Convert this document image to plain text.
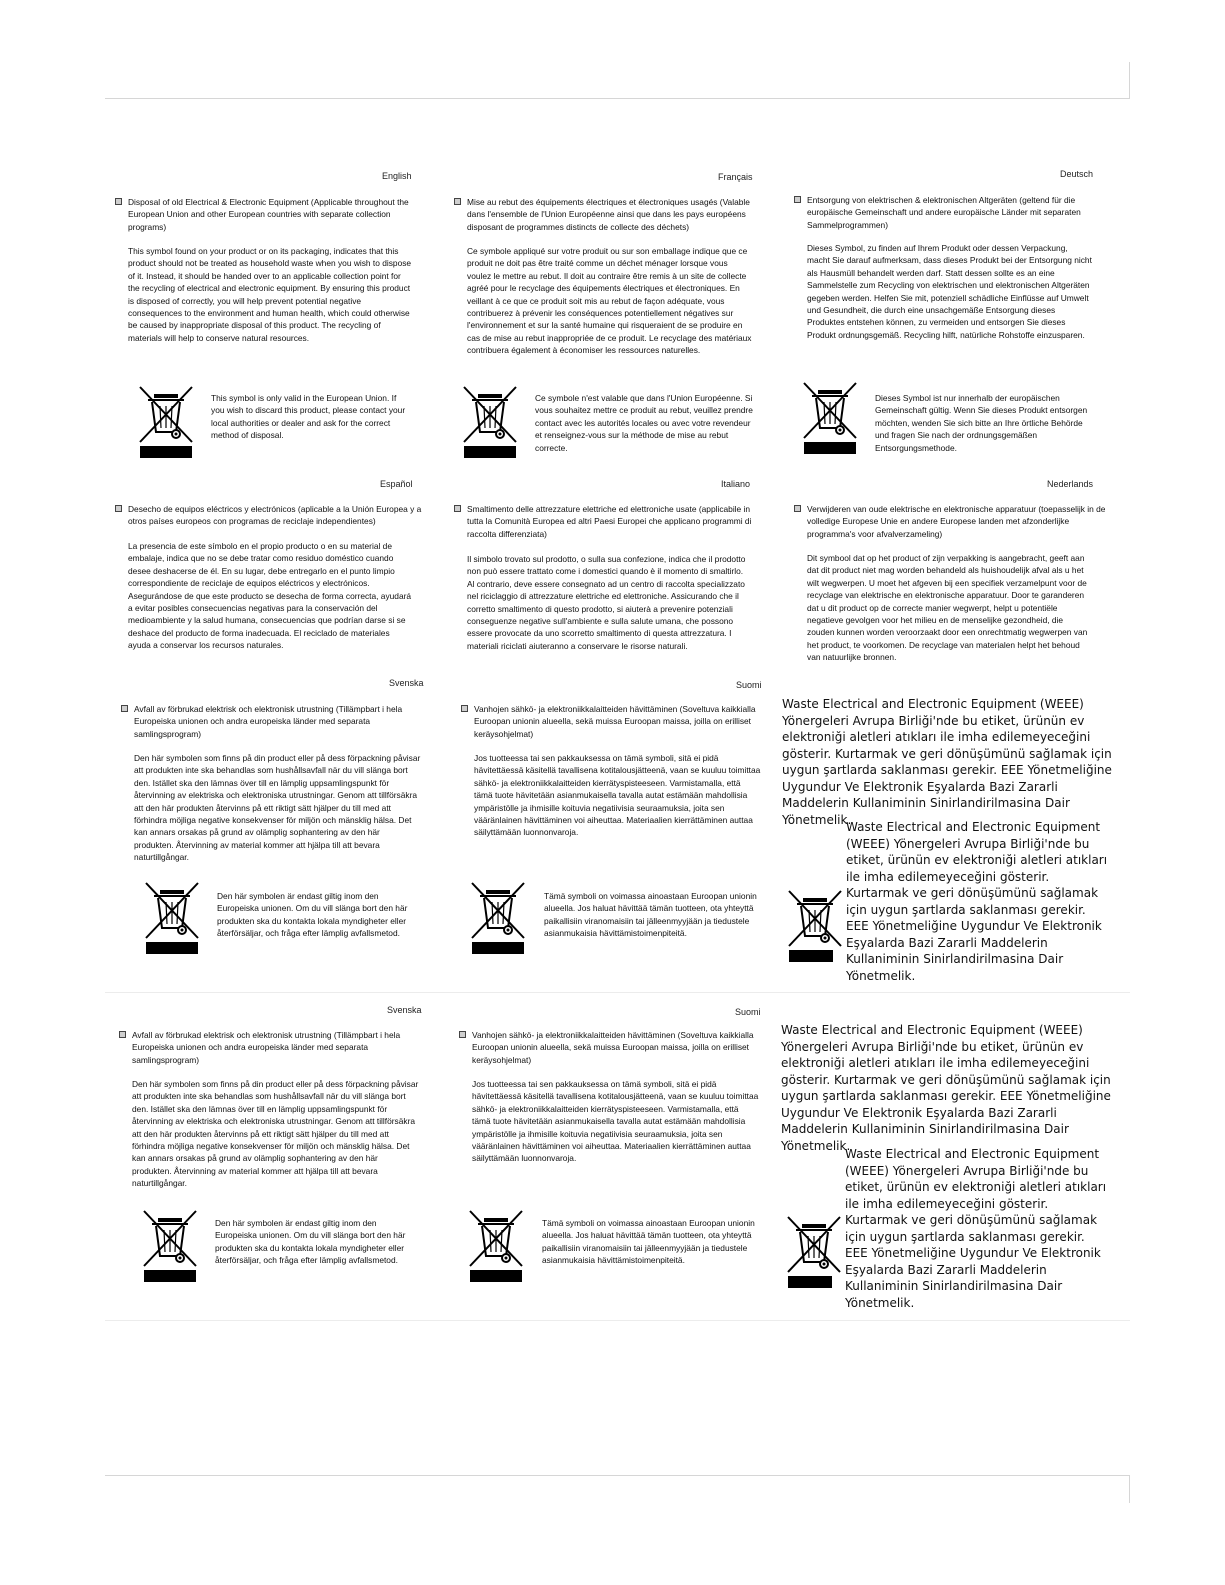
English
Disposal of old Electrical & Electronic Equipment (Applicable throughout the European Union and other European countries with separate collection programs)
This symbol found on your product or on its packaging, indicates that this product should not be treated as household waste when you wish to dispose of it. Instead, it should be handed over to an applicable collection point for the recycling of electrical and electronic equipment. By ensuring this product is disposed of correctly, you will help prevent potential negative consequences to the environment and human health, which could otherwise be caused by inappropriate disposal of this product. The recycling of materials will help to conserve natural resources.
This symbol is only valid in the European Union. If you wish to discard this product, please contact your local authorities or dealer and ask for the correct method of disposal.
Français
Mise au rebut des équipements électriques et électroniques usagés (Valable dans l'ensemble de l'Union Européenne ainsi que dans les pays européens disposant de programmes distincts de collecte des déchets)
Ce symbole appliqué sur votre produit ou sur son emballage indique que ce produit ne doit pas être traité comme un déchet ménager lorsque vous voulez le mettre au rebut. Il doit au contraire être remis à un site de collecte agréé pour le recyclage des équipements électriques et électroniques. En veillant à ce que ce produit soit mis au rebut de façon adéquate, vous contribuerez à prévenir les conséquences potentiellement négatives sur l'environnement et sur la santé humaine qui risqueraient de se produire en cas de mise au rebut inappropriée de ce produit. Le recyclage des matériaux contribuera également à économiser les ressources naturelles.
Ce symbole n'est valable que dans l'Union Européenne. Si vous souhaitez mettre ce produit au rebut, veuillez prendre contact avec les autorités locales ou avec votre revendeur et renseignez-vous sur la méthode de mise au rebut correcte.
Deutsch
Entsorgung von elektrischen & elektronischen Altgeräten (geltend für die europäische Gemeinschaft und andere europäische Länder mit separaten Sammelprogrammen)
Dieses Symbol, zu finden auf Ihrem Produkt oder dessen Verpackung, macht Sie darauf aufmerksam, dass dieses Produkt bei der Entsorgung nicht als Hausmüll behandelt werden darf. Statt dessen sollte es an eine Sammelstelle zum Recycling von elektrischen und elektronischen Altgeräten gegeben werden. Helfen Sie mit, potenziell schädliche Einflüsse auf Umwelt und Gesundheit, die durch eine unsachgemäße Entsorgung dieses Produktes entstehen können, zu vermeiden und entsorgen Sie dieses Produkt ordnungsgemäß. Recycling hilft, natürliche Rohstoffe einzusparen.
Dieses Symbol ist nur innerhalb der europäischen Gemeinschaft gültig. Wenn Sie dieses Produkt entsorgen möchten, wenden Sie sich bitte an Ihre örtliche Behörde und fragen Sie nach der ordnungsgemäßen Entsorgungsmethode.
Español
Desecho de equipos eléctricos y electrónicos (aplicable a la Unión Europea y a otros países europeos con programas de reciclaje independientes)
La presencia de este símbolo en el propio producto o en su material de embalaje, indica que no se debe tratar como residuo doméstico cuando desee deshacerse de él. En su lugar, debe entregarlo en el punto limpio correspondiente de reciclaje de equipos eléctricos y electrónicos. Asegurándose de que este producto se desecha de forma correcta, ayudará a evitar posibles consecuencias negativas para la conservación del medioambiente y la salud humana, consecuencias que podrían darse si se deshace del producto de forma inadecuada. El reciclado de materiales ayuda a conservar los recursos naturales.
Italiano
Smaltimento delle attrezzature elettriche ed elettroniche usate (applicabile in tutta la Comunità Europea ed altri Paesi Europei che applicano programmi di raccolta differenziata)
Il simbolo trovato sul prodotto, o sulla sua confezione, indica che il prodotto non può essere trattato come i domestici quando è il momento di smaltirlo. Al contrario, deve essere consegnato ad un centro di raccolta specializzato nel riciclaggio di attrezzature elettriche ed elettroniche. Assicurando che il corretto smaltimento di questo prodotto, si aiuterà a prevenire potenziali conseguenze negative sull'ambiente e sulla salute umana, che possono essere provocate da uno scorretto smaltimento di questa attrezzatura. I materiali riciclati aiuteranno a conservare le risorse naturali.
Nederlands
Verwijderen van oude elektrische en elektronische apparatuur (toepasselijk in de volledige Europese Unie en andere Europese landen met afzonderlijke programma's voor afvalverzameling)
Dit symbool dat op het product of zijn verpakking is aangebracht, geeft aan dat dit product niet mag worden behandeld als huishoudelijk afval als u het wilt wegwerpen. U moet het afgeven bij een specifiek verzamelpunt voor de recyclage van elektrische en elektronische apparatuur. Door te garanderen dat u dit product op de correcte manier wegwerpt, helpt u potentiële negatieve gevolgen voor het milieu en de menselijke gezondheid, die zouden kunnen worden veroorzaakt door een onrechtmatig wegwerpen van het product, te voorkomen. De recyclage van materialen helpt het behoud van natuurlijke bronnen.
Svenska
Avfall av förbrukad elektrisk och elektronisk utrustning (Tillämpbart i hela Europeiska unionen och andra europeiska länder med separata samlingsprogram)
Den här symbolen som finns på din product eller på dess förpackning påvisar att produkten inte ska behandlas som hushållsavfall när du vill slänga bort den. Istället ska den lämnas över till en lämplig uppsamlingspunkt för återvinning av elektriska och elektroniska utrustningar. Genom att tillförsäkra att den här produkten återvinns på ett riktigt sätt hjälper du till med att förhindra möjliga negative konsekvenser för miljön och mänsklig hälsa. Det kan annars orsakas på grund av olämplig sophantering av den här produkten. Återvinning av material kommer att hjälpa till att bevara naturtillgångar.
Den här symbolen är endast giltig inom den Europeiska unionen. Om du vill slänga bort den här produkten ska du kontakta lokala myndigheter eller återförsäljar, och fråga efter lämplig avfallsmetod.
Suomi
Vanhojen sähkö- ja elektroniikkalaitteiden hävittäminen (Soveltuva kaikkialla Euroopan unionin alueella, sekä muissa Euroopan maissa, joilla on erilliset keräysohjelmat)
Jos tuotteessa tai sen pakkauksessa on tämä symboli, sitä ei pidä hävitettäessä käsitellä tavallisena kotitalousjätteenä, vaan se kuuluu toimittaa sähkö- ja elektroniikkalaitteiden kierrätyspisteeseen. Varmistamalla, että tämä tuote hävitetään asianmukaisella tavalla autat estämään mahdollisia ympäristölle ja ihmisille koituvia negatiivisia seuraamuksia, joita sen vääränlainen hävittäminen voi aiheuttaa. Materiaalien kierrättäminen auttaa säilyttämään luonnonvaroja.
Tämä symboli on voimassa ainoastaan Euroopan unionin alueella. Jos haluat hävittää tämän tuotteen, ota yhteyttä paikallisiin viranomaisiin tai jälleenmyyjään ja tiedustele asianmukaisia hävittämistoimenpiteitä.
Waste Electrical and Electronic Equipment (WEEE) Yönergeleri Avrupa Birliği'nde bu etiket, ürünün ev elektroniği aletleri atıkları ile imha edilemeyeceğini gösterir. Kurtarmak ve geri dönüşümünü sağlamak için uygun şartlarda saklanması gerekir. EEE Yönetmeliğine Uygundur Ve Elektronik Eşyalarda Bazi Zararli Maddelerin Kullaniminin Sinirlandirilmasina Dair Yönetmelik.
Waste Electrical and Electronic Equipment (WEEE) Yönergeleri Avrupa Birliği'nde bu etiket, ürünün ev elektroniği aletleri atıkları ile imha edilemeyeceğini gösterir. Kurtarmak ve geri dönüşümünü sağlamak için uygun şartlarda saklanması gerekir. EEE Yönetmeliğine Uygundur Ve Elektronik Eşyalarda Bazi Zararli Maddelerin Kullaniminin Sinirlandirilmasina Dair Yönetmelik.
Svenska
Avfall av förbrukad elektrisk och elektronisk utrustning (Tillämpbart i hela Europeiska unionen och andra europeiska länder med separata samlingsprogram)
Den här symbolen som finns på din product eller på dess förpackning påvisar att produkten inte ska behandlas som hushållsavfall när du vill slänga bort den. Istället ska den lämnas över till en lämplig uppsamlingspunkt för återvinning av elektriska och elektroniska utrustningar. Genom att tillförsäkra att den här produkten återvinns på ett riktigt sätt hjälper du till med att förhindra möjliga negative konsekvenser för miljön och mänsklig hälsa. Det kan annars orsakas på grund av olämplig sophantering av den här produkten. Återvinning av material kommer att hjälpa till att bevara naturtillgångar.
Den här symbolen är endast giltig inom den Europeiska unionen. Om du vill slänga bort den här produkten ska du kontakta lokala myndigheter eller återförsäljar, och fråga efter lämplig avfallsmetod.
Suomi
Vanhojen sähkö- ja elektroniikkalaitteiden hävittäminen (Soveltuva kaikkialla Euroopan unionin alueella, sekä muissa Euroopan maissa, joilla on erilliset keräysohjelmat)
Jos tuotteessa tai sen pakkauksessa on tämä symboli, sitä ei pidä hävitettäessä käsitellä tavallisena kotitalousjätteenä, vaan se kuuluu toimittaa sähkö- ja elektroniikkalaitteiden kierrätyspisteeseen. Varmistamalla, että tämä tuote hävitetään asianmukaisella tavalla autat estämään mahdollisia ympäristölle ja ihmisille koituvia negatiivisia seuraamuksia, joita sen vääränlainen hävittäminen voi aiheuttaa. Materiaalien kierrättäminen auttaa säilyttämään luonnonvaroja.
Tämä symboli on voimassa ainoastaan Euroopan unionin alueella. Jos haluat hävittää tämän tuotteen, ota yhteyttä paikallisiin viranomaisiin tai jälleenmyyjään ja tiedustele asianmukaisia hävittämistoimenpiteitä.
Waste Electrical and Electronic Equipment (WEEE) Yönergeleri Avrupa Birliği'nde bu etiket, ürünün ev elektroniği aletleri atıkları ile imha edilemeyeceğini gösterir. Kurtarmak ve geri dönüşümünü sağlamak için uygun şartlarda saklanması gerekir. EEE Yönetmeliğine Uygundur Ve Elektronik Eşyalarda Bazi Zararli Maddelerin Kullaniminin Sinirlandirilmasina Dair Yönetmelik.
Waste Electrical and Electronic Equipment (WEEE) Yönergeleri Avrupa Birliği'nde bu etiket, ürünün ev elektroniği aletleri atıkları ile imha edilemeyeceğini gösterir. Kurtarmak ve geri dönüşümünü sağlamak için uygun şartlarda saklanması gerekir. EEE Yönetmeliğine Uygundur Ve Elektronik Eşyalarda Bazi Zararli Maddelerin Kullaniminin Sinirlandirilmasina Dair Yönetmelik.
